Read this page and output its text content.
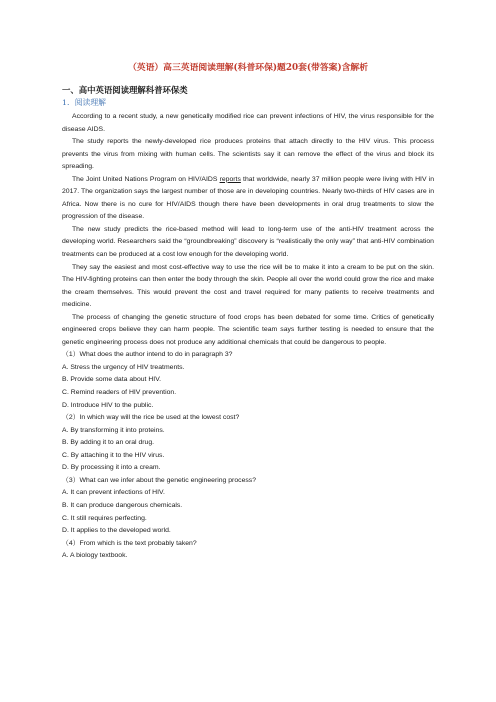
（英语）高三英语阅读理解(科普环保)题20套(带答案)含解析
一、高中英语阅读理解科普环保类
1．阅读理解

According to a recent study, a new genetically modified rice can prevent infections of HIV, the virus responsible for the disease AIDS.

The study reports the newly-developed rice produces proteins that attach directly to the HIV virus. This process prevents the virus from mixing with human cells. The scientists say it can remove the effect of the virus and block its spreading.

The Joint United Nations Program on HIV/AIDS reports that worldwide, nearly 37 million people were living with HIV in 2017. The organization says the largest number of those are in developing countries. Nearly two-thirds of HIV cases are in Africa. Now there is no cure for HIV/AIDS though there have been developments in oral drug treatments to slow the progression of the disease.

The new study predicts the rice-based method will lead to long-term use of the anti-HIV treatment across the developing world. Researchers said the “groundbreaking” discovery is “realistically the only way” that anti-HIV combination treatments can be produced at a cost low enough for the developing world.

They say the easiest and most cost-effective way to use the rice will be to make it into a cream to be put on the skin. The HIV-fighting proteins can then enter the body through the skin. People all over the world could grow the rice and make the cream themselves. This would prevent the cost and travel required for many patients to receive treatments and medicine.

The process of changing the genetic structure of food crops has been debated for some time. Critics of genetically engineered crops believe they can harm people. The scientific team says further testing is needed to ensure that the genetic engineering process does not produce any additional chemicals that could be dangerous to people.

（1）What does the author intend to do in paragraph 3?
A. Stress the urgency of HIV treatments.
B. Provide some data about HIV.
C. Remind readers of HIV prevention.
D. Introduce HIV to the public.
（2）In which way will the rice be used at the lowest cost?
A. By transforming it into proteins.
B. By adding it to an oral drug.
C. By attaching it to the HIV virus.
D. By processing it into a cream.
（3）What can we infer about the genetic engineering process?
A. It can prevent infections of HIV.
B. It can produce dangerous chemicals.
C. It still requires perfecting.
D. It applies to the developed world.
（4）From which is the text probably taken?
A. A biology textbook.
